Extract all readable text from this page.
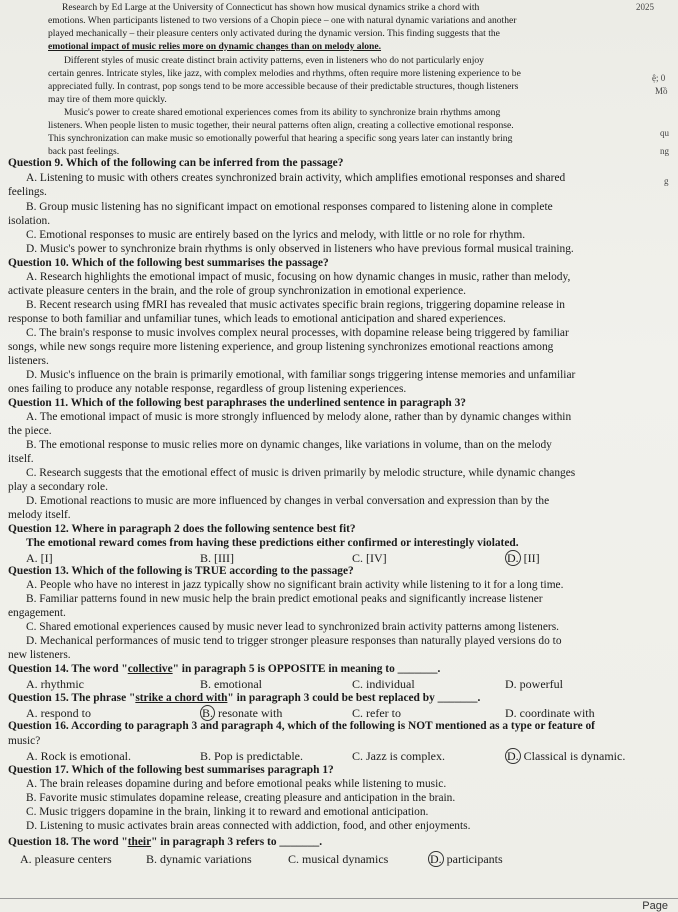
2025
ệ; 0
Mồ
qu
ng
g
Research by Ed Large at the University of Connecticut has shown how musical dynamics strike a chord with
emotions. When participants listened to two versions of a Chopin piece – one with natural dynamic variations and another
played mechanically – their pleasure centers only activated during the dynamic version. This finding suggests that the
emotional impact of music relies more on dynamic changes than on melody alone.
Different styles of music create distinct brain activity patterns, even in listeners who do not particularly enjoy
certain genres. Intricate styles, like jazz, with complex melodies and rhythms, often require more listening experience to be
appreciated fully. In contrast, pop songs tend to be more accessible because of their predictable structures, though listeners
may tire of them more quickly.
Music's power to create shared emotional experiences comes from its ability to synchronize brain rhythms among
listeners. When people listen to music together, their neural patterns often align, creating a collective emotional response.
This synchronization can make music so emotionally powerful that hearing a specific song years later can instantly bring
back past feelings.
Question 9. Which of the following can be inferred from the passage?
A. Listening to music with others creates synchronized brain activity, which amplifies emotional responses and shared
feelings.
B. Group music listening has no significant impact on emotional responses compared to listening alone in complete
isolation.
C. Emotional responses to music are entirely based on the lyrics and melody, with little or no role for rhythm.
D. Music's power to synchronize brain rhythms is only observed in listeners who have previous formal musical training.
Question 10. Which of the following best summarises the passage?
A. Research highlights the emotional impact of music, focusing on how dynamic changes in music, rather than melody,
activate pleasure centers in the brain, and the role of group synchronization in emotional experience.
B. Recent research using fMRI has revealed that music activates specific brain regions, triggering dopamine release in
response to both familiar and unfamiliar tunes, which leads to emotional anticipation and shared experiences.
C. The brain's response to music involves complex neural processes, with dopamine release being triggered by familiar
songs, while new songs require more listening experience, and group listening synchronizes emotional reactions among
listeners.
D. Music's influence on the brain is primarily emotional, with familiar songs triggering intense memories and unfamiliar
ones failing to produce any notable response, regardless of group listening experiences.
Question 11. Which of the following best paraphrases the underlined sentence in paragraph 3?
A. The emotional impact of music is more strongly influenced by melody alone, rather than by dynamic changes within
the piece.
B. The emotional response to music relies more on dynamic changes, like variations in volume, than on the melody
itself.
C. Research suggests that the emotional effect of music is driven primarily by melodic structure, while dynamic changes
play a secondary role.
D. Emotional reactions to music are more influenced by changes in verbal conversation and expression than by the
melody itself.
Question 12. Where in paragraph 2 does the following sentence best fit?
The emotional reward comes from having these predictions either confirmed or interestingly violated.
A. [I]	B. [III]	C. [IV]	D. [II]
Question 13. Which of the following is TRUE according to the passage?
A. People who have no interest in jazz typically show no significant brain activity while listening to it for a long time.
B. Familiar patterns found in new music help the brain predict emotional peaks and significantly increase listener
engagement.
C. Shared emotional experiences caused by music never lead to synchronized brain activity patterns among listeners.
D. Mechanical performances of music tend to trigger stronger pleasure responses than naturally played versions do to
new listeners.
Question 14. The word "collective" in paragraph 5 is OPPOSITE in meaning to _______.
A. rhythmic	B. emotional	C. individual	D. powerful
Question 15. The phrase "strike a chord with" in paragraph 3 could be best replaced by _______.
A. respond to	B. resonate with	C. refer to	D. coordinate with
Question 16. According to paragraph 3 and paragraph 4, which of the following is NOT mentioned as a type or feature of
music?
A. Rock is emotional.	B. Pop is predictable.	C. Jazz is complex.	D. Classical is dynamic.
Question 17. Which of the following best summarises paragraph 1?
A. The brain releases dopamine during and before emotional peaks while listening to music.
B. Favorite music stimulates dopamine release, creating pleasure and anticipation in the brain.
C. Music triggers dopamine in the brain, linking it to reward and emotional anticipation.
D. Listening to music activates brain areas connected with addiction, food, and other enjoyments.
Question 18. The word "their" in paragraph 3 refers to _______.
A. pleasure centers	B. dynamic variations	C. musical dynamics	D. participants
Page
